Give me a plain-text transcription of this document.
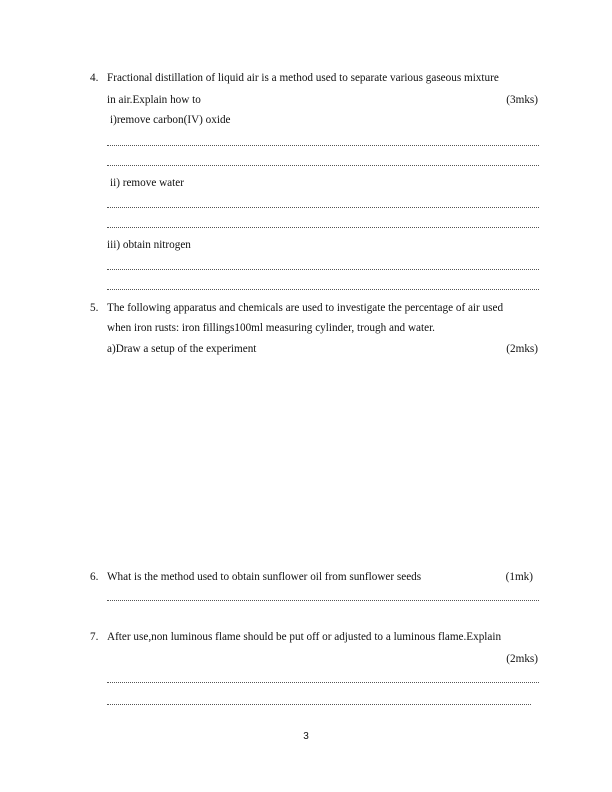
4. Fractional distillation of liquid air is a method used to separate various gaseous mixture
in air.Explain how to	(3mks)
i)remove carbon(IV) oxide
ii) remove water
iii) obtain nitrogen
5. The following apparatus and chemicals are used to investigate the percentage of air used
when iron rusts: iron fillings100ml measuring cylinder, trough and water.
a)Draw a setup of the experiment	(2mks)
6. What is the method used to obtain sunflower oil from sunflower seeds	(1mk)
7. After use,non luminous flame should be put off or adjusted to a luminous flame.Explain
(2mks)
3
